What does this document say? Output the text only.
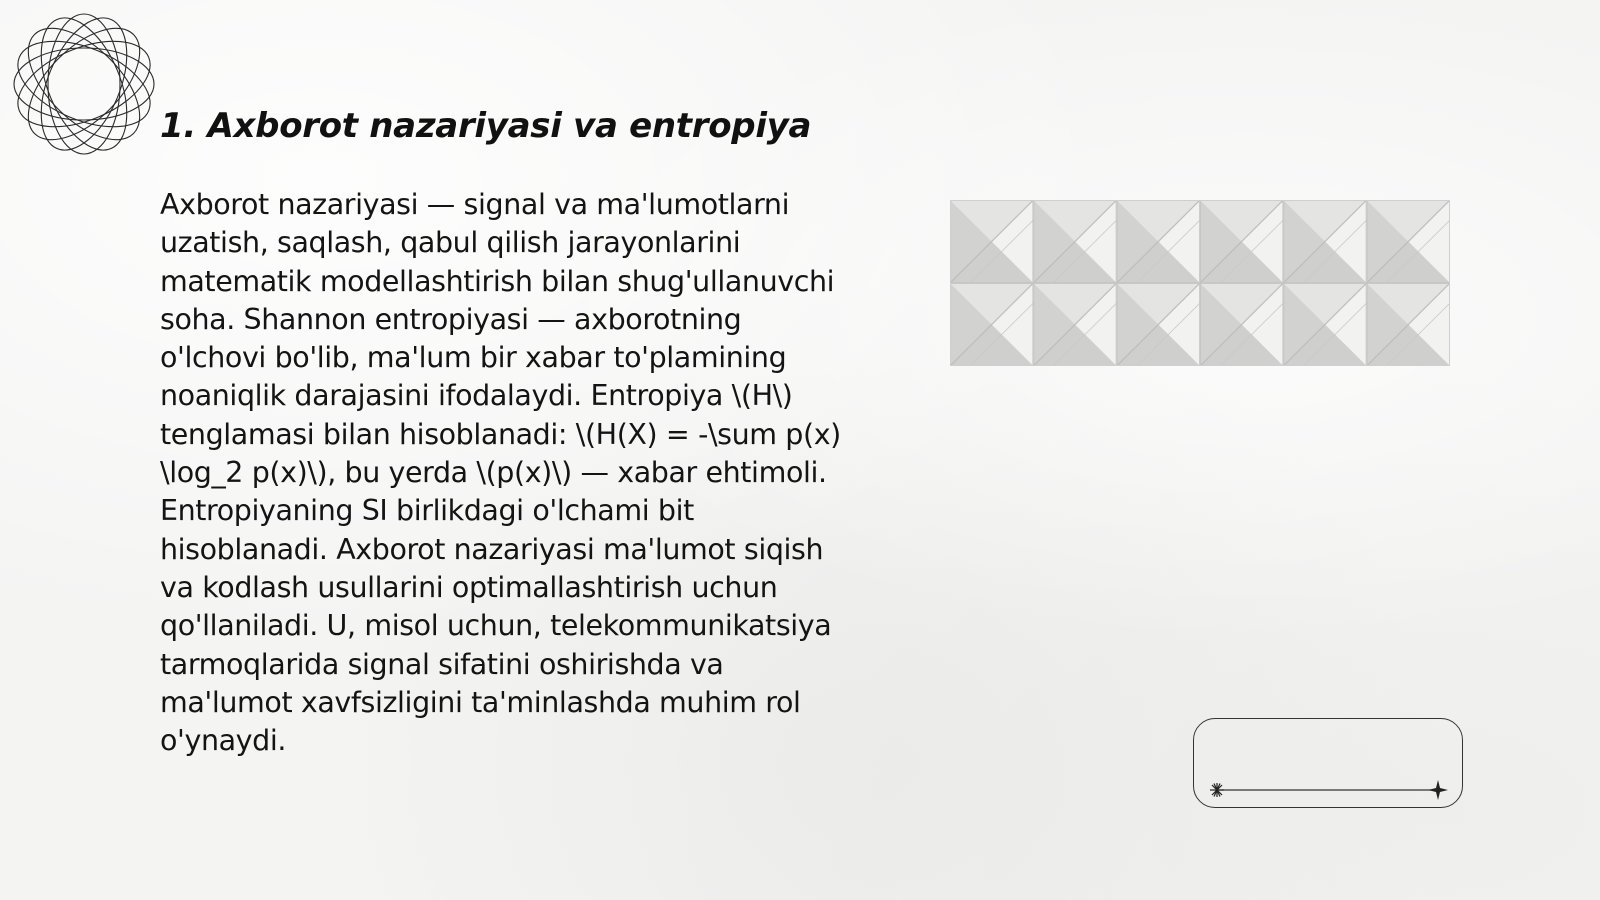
1. Axborot nazariyasi va entropiya

Axborot nazariyasi — signal va ma'lumotlarni uzatish, saqlash, qabul qilish jarayonlarini matematik modellashtirish bilan shug'ullanuvchi soha. Shannon entropiyasi — axborotning o'lchovi bo'lib, ma'lum bir xabar to'plamining noaniqlik darajasini ifodalaydi. Entropiya \(H\) tenglamasi bilan hisoblanadi: \(H(X) = -\sum p(x) \log_2 p(x)\), bu yerda \(p(x)\) — xabar ehtimoli. Entropiyaning SI birlikdagi o'lchami bit hisoblanadi. Axborot nazariyasi ma'lumot siqish va kodlash usullarini optimallashtirish uchun qo'llaniladi. U, misol uchun, telekommunikatsiya tarmoqlarida signal sifatini oshirishda va ma'lumot xavfsizligini ta'minlashda muhim rol o'ynaydi.
